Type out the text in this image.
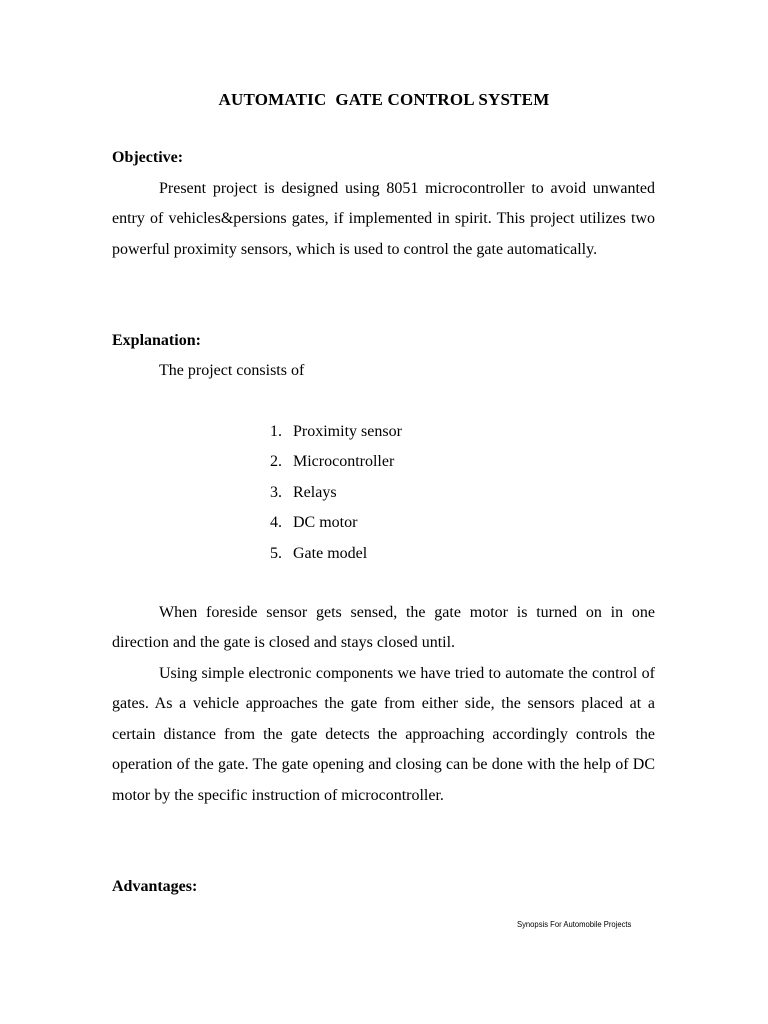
AUTOMATIC  GATE CONTROL SYSTEM
Objective:
Present project is designed using 8051 microcontroller to avoid unwanted entry of vehicles&persions gates, if implemented in spirit. This project utilizes two powerful proximity sensors, which is used to control the gate automatically.
Explanation:
The project consists of
1. Proximity sensor
2. Microcontroller
3. Relays
4. DC motor
5. Gate model
When foreside sensor gets sensed, the gate motor is turned on in one direction and the gate is closed and stays closed until.
Using simple electronic components we have tried to automate the control of gates. As a vehicle approaches the gate from either side, the sensors placed at a certain distance from the gate detects the approaching accordingly controls the operation of the gate. The gate opening and closing can be done with the help of DC motor by the specific instruction of microcontroller.
Advantages:
Synopsis For Automobile Projects
